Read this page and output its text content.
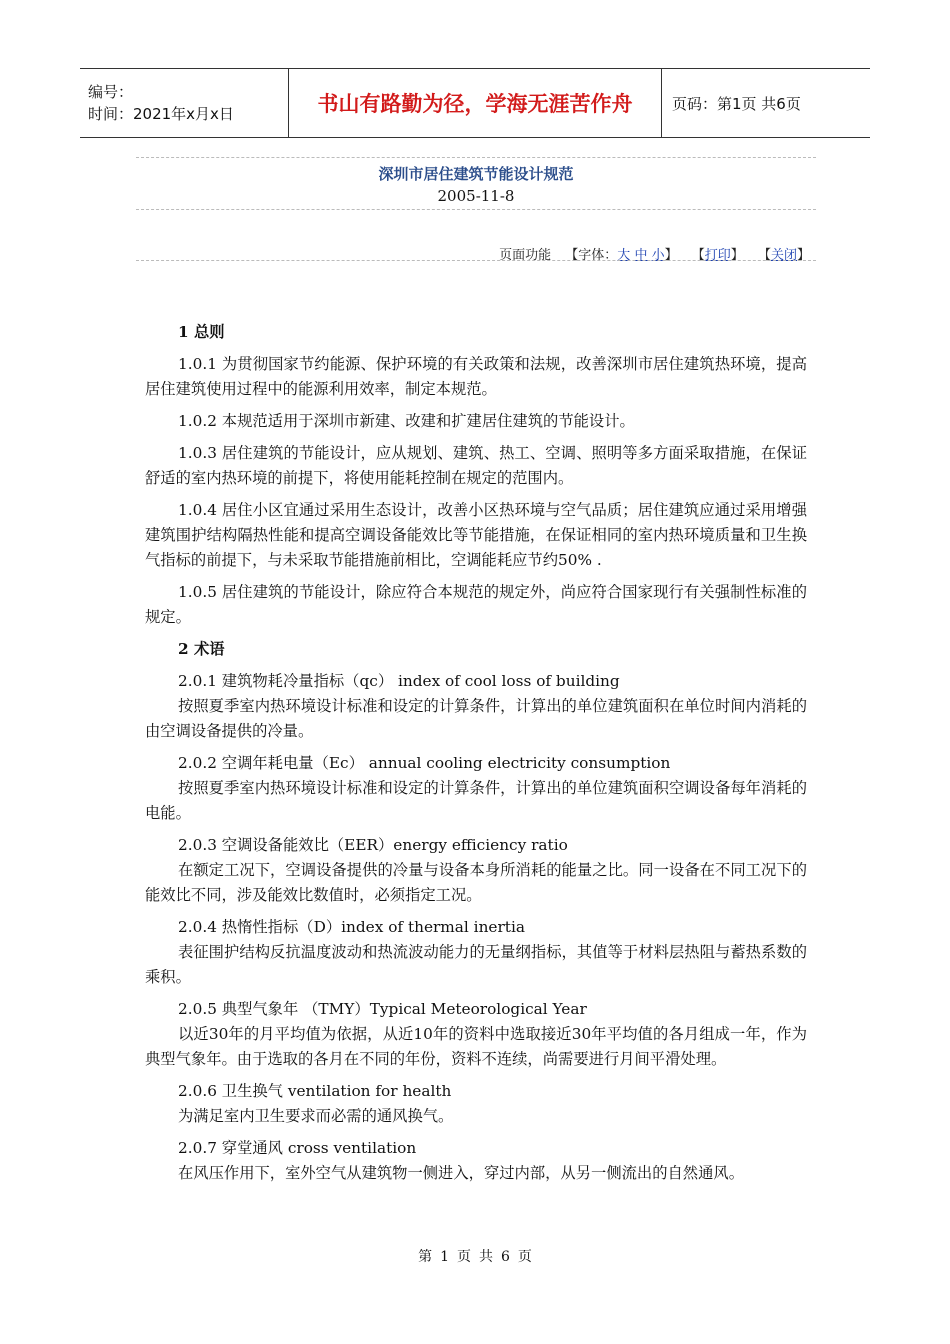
编号：
时间：2021年x月x日	书山有路勤为径，学海无涯苦作舟	页码：第1页 共6页
深圳市居住建筑节能设计规范
2005-11-8
页面功能 【字体：大 中 小】 【打印】 【关闭】
1 总则

1.0.1 为贯彻国家节约能源、保护环境的有关政策和法规，改善深圳市居住建筑热环境，提高居住建筑使用过程中的能源利用效率，制定本规范。

1.0.2 本规范适用于深圳市新建、改建和扩建居住建筑的节能设计。

1.0.3 居住建筑的节能设计，应从规划、建筑、热工、空调、照明等多方面采取措施，在保证舒适的室内热环境的前提下，将使用能耗控制在规定的范围内。

1.0.4 居住小区宜通过采用生态设计，改善小区热环境与空气品质；居住建筑应通过采用增强建筑围护结构隔热性能和提高空调设备能效比等节能措施，在保证相同的室内热环境质量和卫生换气指标的前提下，与未采取节能措施前相比，空调能耗应节约50% .

1.0.5 居住建筑的节能设计，除应符合本规范的规定外，尚应符合国家现行有关强制性标准的规定。

2 术语
2.0.1 建筑物耗冷量指标（qc） index of cool loss of building
按照夏季室内热环境设计标准和设定的计算条件，计算出的单位建筑面积在单位时间内消耗的由空调设备提供的冷量。
2.0.2 空调年耗电量（Ec） annual cooling electricity consumption
按照夏季室内热环境设计标准和设定的计算条件，计算出的单位建筑面积空调设备每年消耗的电能。
2.0.3 空调设备能效比（EER）energy efficiency ratio
在额定工况下，空调设备提供的冷量与设备本身所消耗的能量之比。同一设备在不同工况下的能效比不同，涉及能效比数值时，必须指定工况。
2.0.4 热惰性指标（D）index of thermal inertia
表征围护结构反抗温度波动和热流波动能力的无量纲指标，其值等于材料层热阻与蓄热系数的乘积。
2.0.5 典型气象年 （TMY）Typical Meteorological Year
以近30年的月平均值为依据，从近10年的资料中选取接近30年平均值的各月组成一年，作为典型气象年。由于选取的各月在不同的年份，资料不连续，尚需要进行月间平滑处理。
2.0.6 卫生换气 ventilation for health
为满足室内卫生要求而必需的通风换气。
2.0.7 穿堂通风 cross ventilation
在风压作用下，室外空气从建筑物一侧进入，穿过内部，从另一侧流出的自然通风。
第 1 页 共 6 页
